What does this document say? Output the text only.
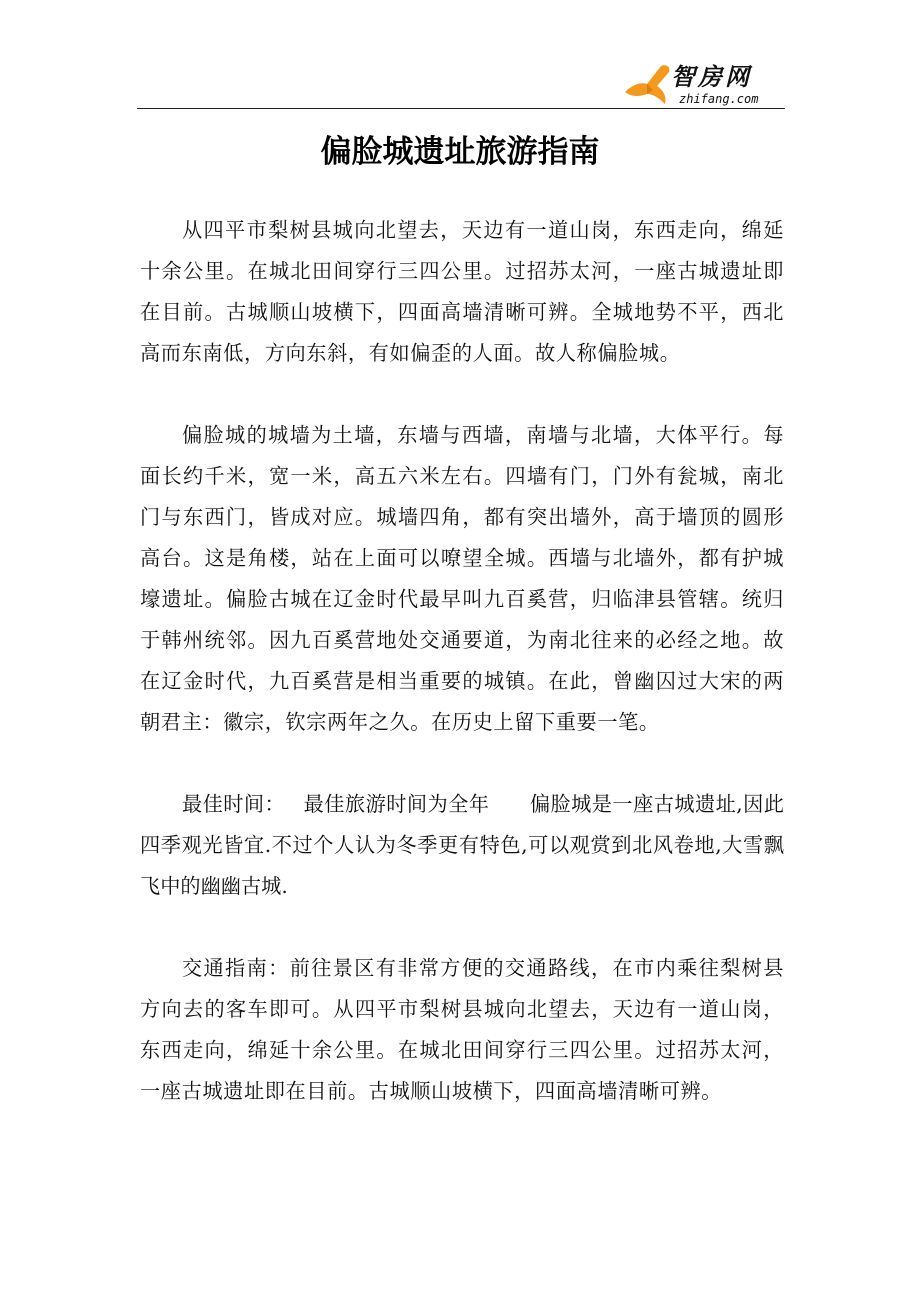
智房网
zhifang.com
偏脸城遗址旅游指南

从四平市梨树县城向北望去，天边有一道山岗，东西走向，绵延十余公里。在城北田间穿行三四公里。过招苏太河，一座古城遗址即在目前。古城顺山坡横下，四面高墙清晰可辨。全城地势不平，西北高而东南低，方向东斜，有如偏歪的人面。故人称偏脸城。

偏脸城的城墙为土墙，东墙与西墙，南墙与北墙，大体平行。每面长约千米，宽一米，高五六米左右。四墙有门，门外有瓮城，南北门与东西门，皆成对应。城墙四角，都有突出墙外，高于墙顶的圆形高台。这是角楼，站在上面可以嘹望全城。西墙与北墙外，都有护城壕遗址。偏脸古城在辽金时代最早叫九百奚营，归临津县管辖。统归于韩州统邻。因九百奚营地处交通要道，为南北往来的必经之地。故在辽金时代，九百奚营是相当重要的城镇。在此，曾幽囚过大宋的两朝君主：徽宗，钦宗两年之久。在历史上留下重要一笔。

最佳时间： 最佳旅游时间为全年 偏脸城是一座古城遗址,因此四季观光皆宜.不过个人认为冬季更有特色,可以观赏到北风卷地,大雪飘飞中的幽幽古城.

交通指南：前往景区有非常方便的交通路线，在市内乘往梨树县方向去的客车即可。从四平市梨树县城向北望去，天边有一道山岗，东西走向，绵延十余公里。在城北田间穿行三四公里。过招苏太河，一座古城遗址即在目前。古城顺山坡横下，四面高墙清晰可辨。
